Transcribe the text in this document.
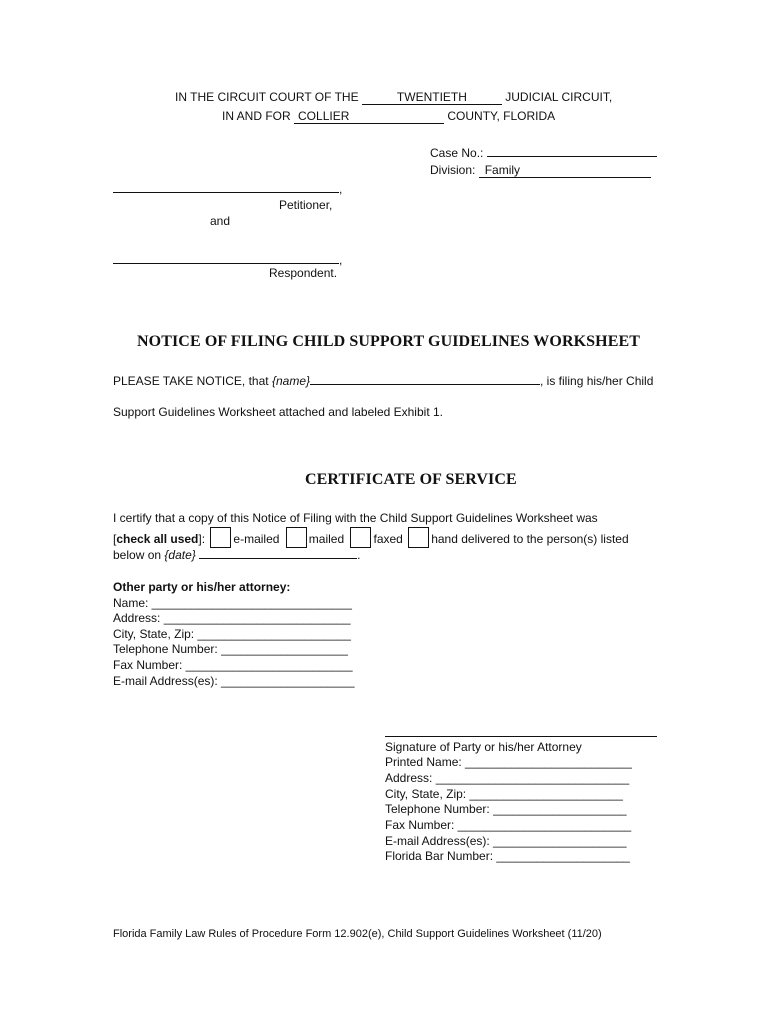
IN THE CIRCUIT COURT OF THE	TWENTIETH	JUDICIAL CIRCUIT,
IN AND FOR COLLIER	COUNTY, FLORIDA
Case No.:
Division: Family
,
Petitioner,
and
,
Respondent.
NOTICE OF FILING CHILD SUPPORT GUIDELINES WORKSHEET
PLEASE TAKE NOTICE, that {name}	, is filing his/her Child
Support Guidelines Worksheet attached and labeled Exhibit 1.
CERTIFICATE OF SERVICE
I certify that a copy of this Notice of Filing with the Child Support Guidelines Worksheet was
[check all used]: e-mailed mailed faxed hand delivered to the person(s) listed
below on {date}	.
Other party or his/her attorney:
Name: ______________________________
Address: ____________________________
City, State, Zip: _______________________
Telephone Number: ___________________
Fax Number: _________________________
E-mail Address(es): ____________________
Signature of Party or his/her Attorney
Printed Name: _________________________
Address: _____________________________
City, State, Zip: _______________________
Telephone Number: ____________________
Fax Number: __________________________
E-mail Address(es): ____________________
Florida Bar Number: ____________________
Florida Family Law Rules of Procedure Form 12.902(e), Child Support Guidelines Worksheet (11/20)
